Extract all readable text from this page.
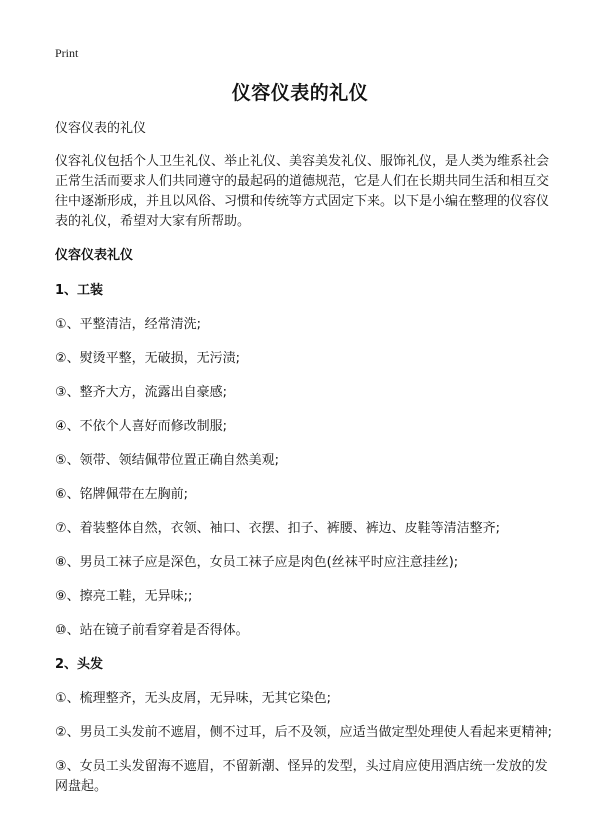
Print
仪容仪表的礼仪

仪容仪表的礼仪

仪容礼仪包括个人卫生礼仪、举止礼仪、美容美发礼仪、服饰礼仪，是人类为维系社会正常生活而要求人们共同遵守的最起码的道德规范，它是人们在长期共同生活和相互交往中逐渐形成，并且以风俗、习惯和传统等方式固定下来。以下是小编在整理的仪容仪表的礼仪，希望对大家有所帮助。

仪容仪表礼仪

1、工装

①、平整清洁，经常清洗;

②、熨烫平整，无破损，无污渍;

③、整齐大方，流露出自豪感;

④、不依个人喜好而修改制服;

⑤、领带、领结佩带位置正确自然美观;

⑥、铭牌佩带在左胸前;

⑦、着装整体自然，衣领、袖口、衣摆、扣子、裤腰、裤边、皮鞋等清洁整齐;

⑧、男员工袜子应是深色，女员工袜子应是肉色(丝袜平时应注意挂丝);

⑨、擦亮工鞋，无异味;;

⑩、站在镜子前看穿着是否得体。

2、头发

①、梳理整齐，无头皮屑，无异味，无其它染色;

②、男员工头发前不遮眉，侧不过耳，后不及领，应适当做定型处理使人看起来更精神;

③、女员工头发留海不遮眉，不留新潮、怪异的发型，头过肩应使用酒店统一发放的发网盘起。
